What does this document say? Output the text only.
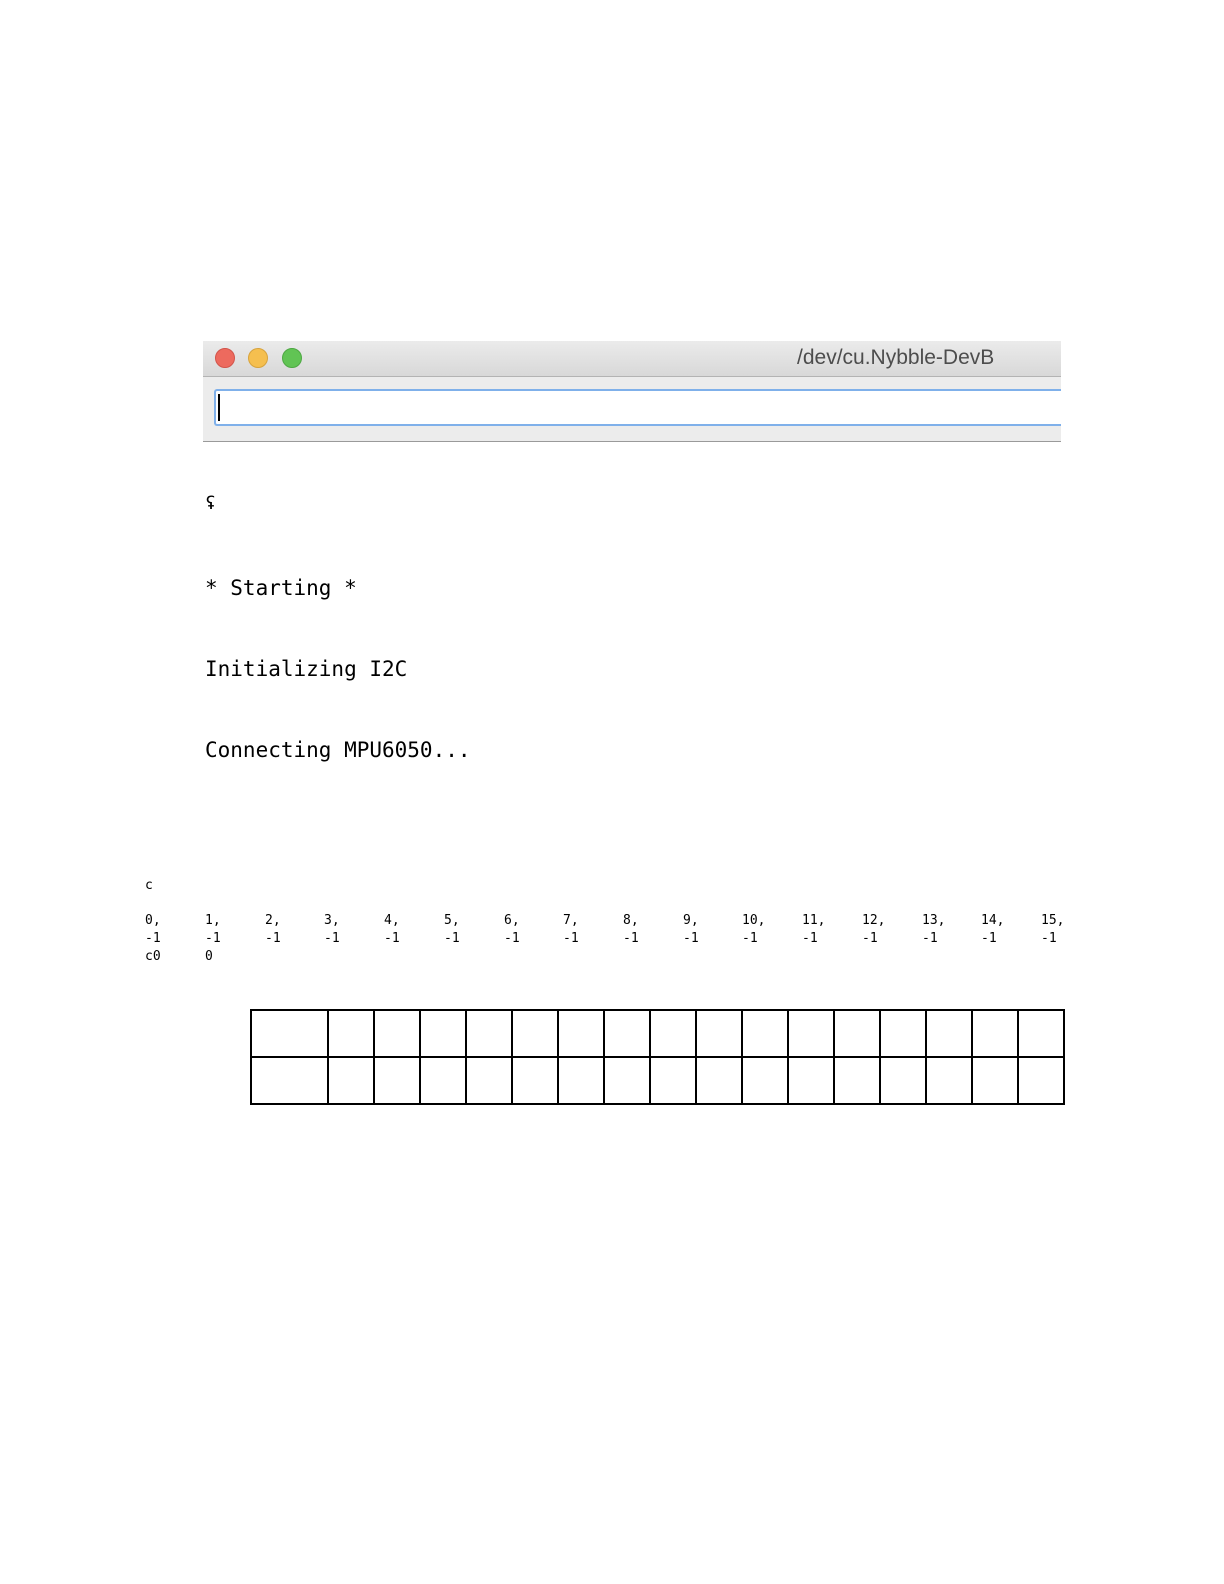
/dev/cu.Nybble-DevB

ʢ

* Starting *

Initializing I2C

Connecting MPU6050...

c
0,	1,	2,	3,	4,	5,	6,	7,	8,	9,	10,	11,	12,	13,	14,	15,
-1	-1	-1	-1	-1	-1	-1	-1	-1	-1	-1	-1	-1	-1	-1	-1
c0	0
